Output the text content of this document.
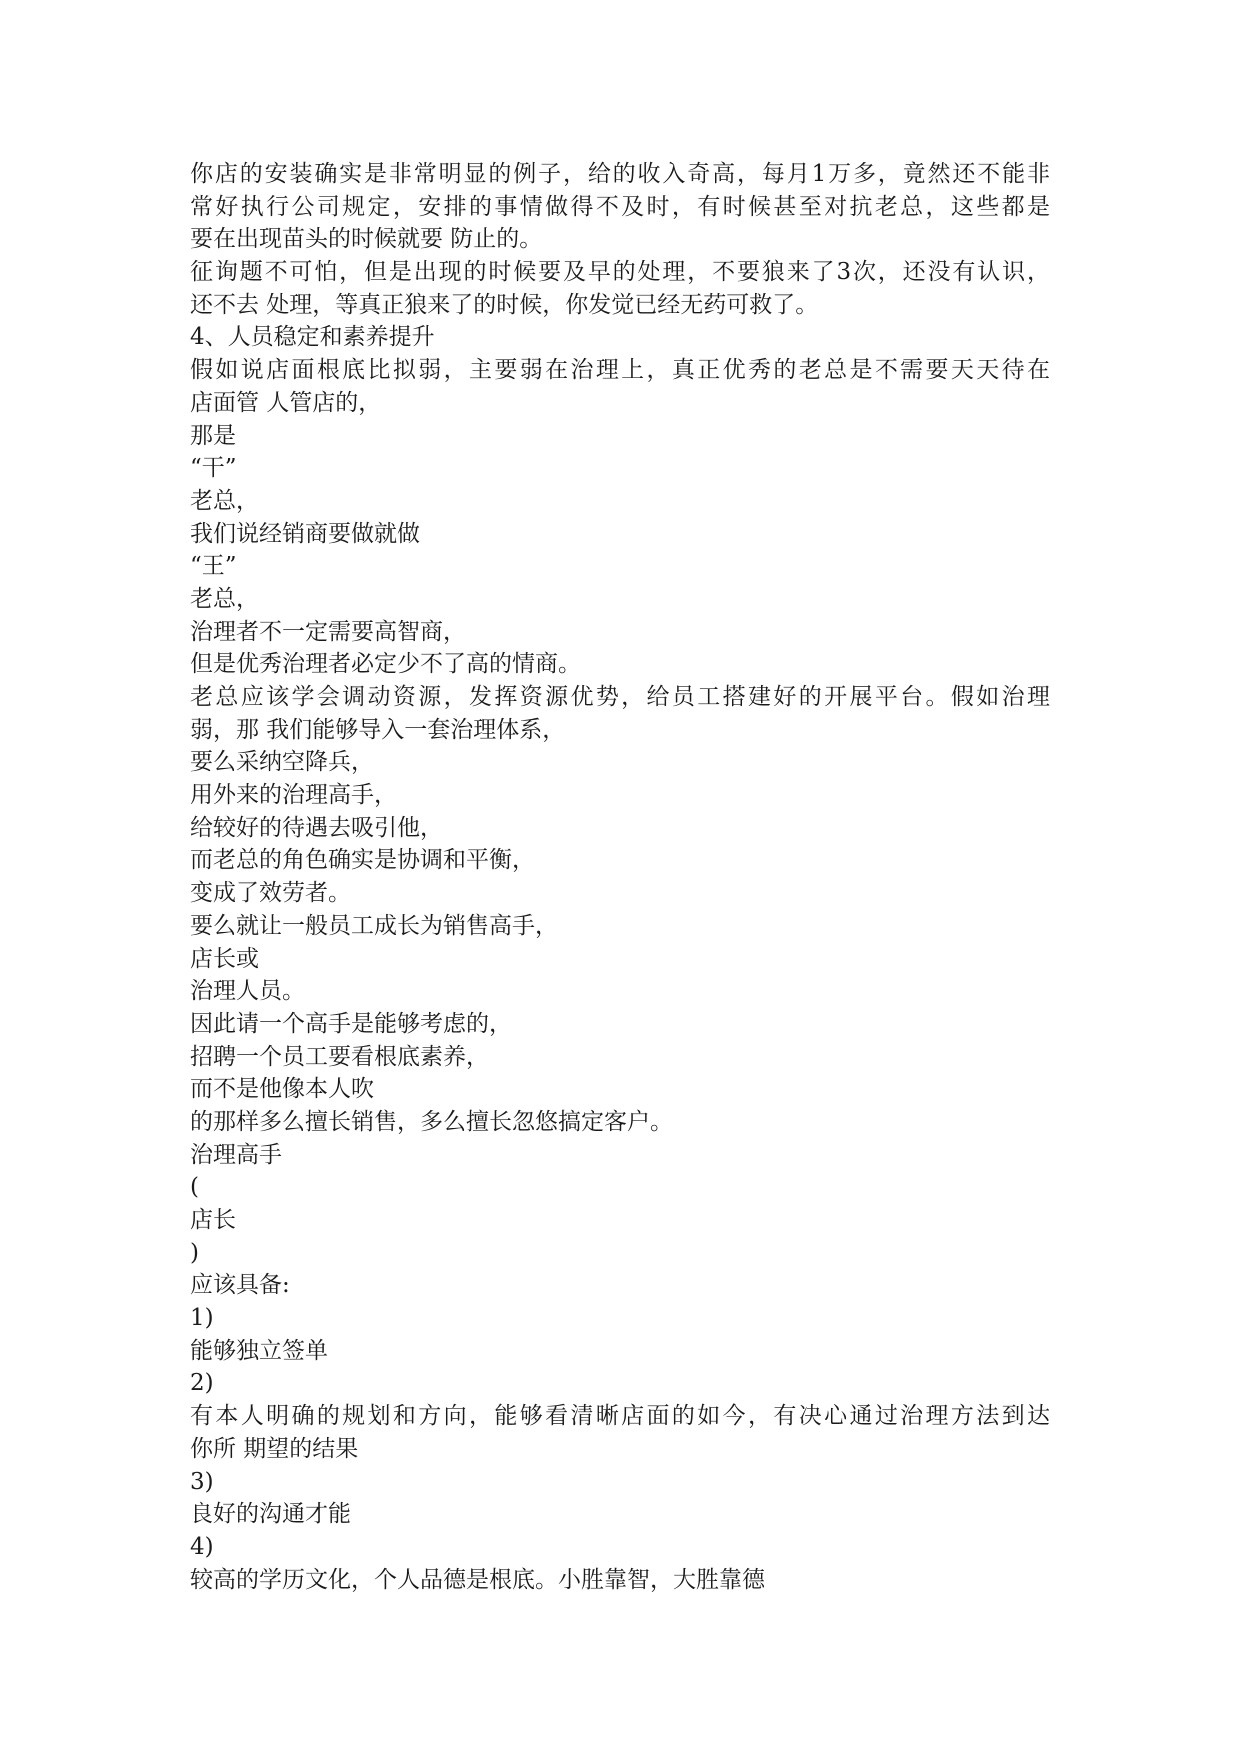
你店的安装确实是非常明显的例子，给的收入奇高，每月1万多，竟然还不能非
常好执行公司规定，安排的事情做得不及时，有时候甚至对抗老总，这些都是
要在出现苗头的时候就要 防止的。
征询题不可怕，但是出现的时候要及早的处理，不要狼来了3次，还没有认识，
还不去 处理，等真正狼来了的时候，你发觉已经无药可救了。
4、人员稳定和素养提升
假如说店面根底比拟弱，主要弱在治理上，真正优秀的老总是不需要天天待在
店面管 人管店的，
那是
“干”
老总，
我们说经销商要做就做
“王”
老总，
治理者不一定需要高智商，
但是优秀治理者必定少不了高的情商。
老总应该学会调动资源，发挥资源优势，给员工搭建好的开展平台。假如治理
弱，那 我们能够导入一套治理体系，
要么采纳空降兵，
用外来的治理高手，
给较好的待遇去吸引他，
而老总的角色确实是协调和平衡，
变成了效劳者。
要么就让一般员工成长为销售高手，
店长或
治理人员。
因此请一个高手是能够考虑的，
招聘一个员工要看根底素养，
而不是他像本人吹
的那样多么擅长销售，多么擅长忽悠搞定客户。
治理高手
(
店长
)
应该具备:
1)
能够独立签单
2)
有本人明确的规划和方向，能够看清晰店面的如今，有决心通过治理方法到达
你所 期望的结果
3)
良好的沟通才能
4)
较高的学历文化，个人品德是根底。小胜靠智，大胜靠德
